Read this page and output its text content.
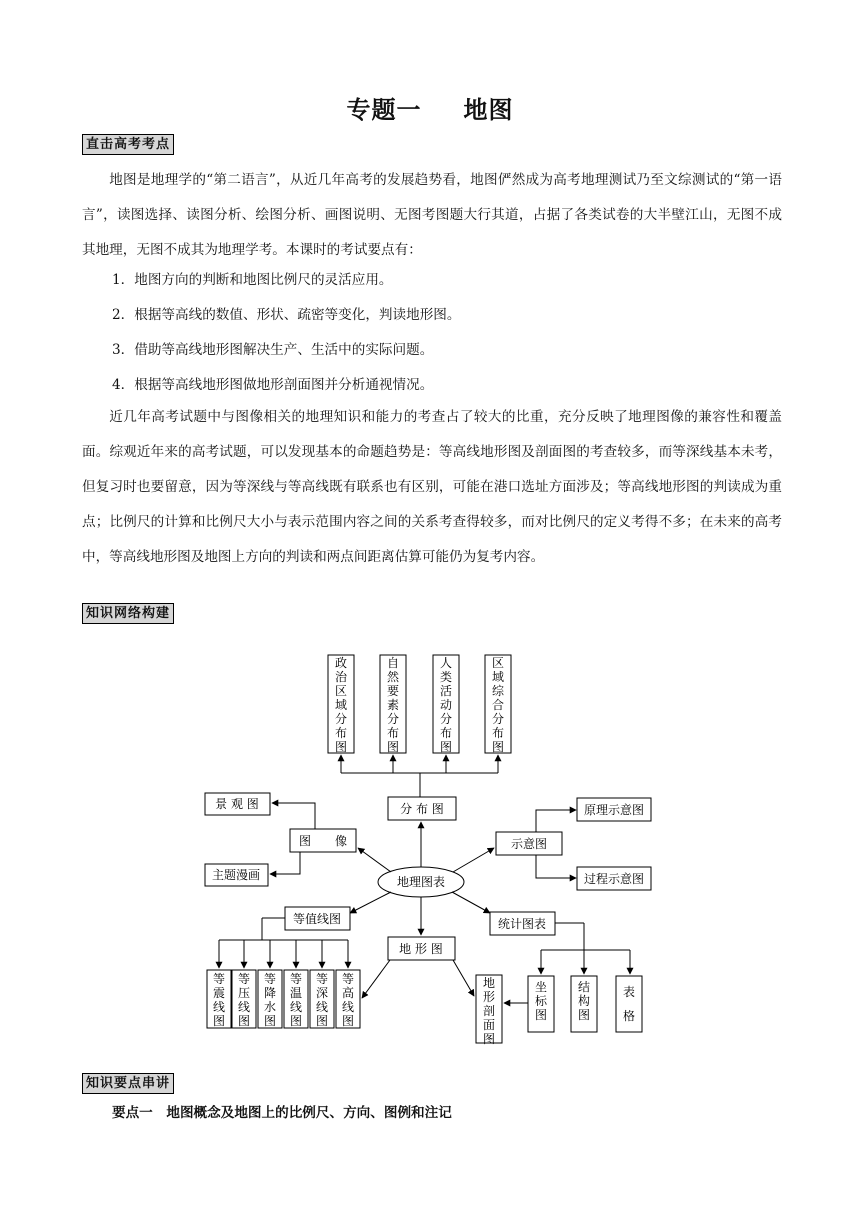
专题一 地图
直击高考考点
地图是地理学的“第二语言”，从近几年高考的发展趋势看，地图俨然成为高考地理测试乃至文综测试的“第一语言”，读图选择、读图分析、绘图分析、画图说明、无图考图题大行其道，占据了各类试卷的大半壁江山，无图不成其地理，无图不成其为地理学考。本课时的考试要点有：
1．地图方向的判断和地图比例尺的灵活应用。
2．根据等高线的数值、形状、疏密等变化，判读地形图。
3．借助等高线地形图解决生产、生活中的实际问题。
4．根据等高线地形图做地形剖面图并分析通视情况。
近几年高考试题中与图像相关的地理知识和能力的考查占了较大的比重，充分反映了地理图像的兼容性和覆盖面。综观近年来的高考试题，可以发现基本的命题趋势是：等高线地形图及剖面图的考查较多，而等深线基本未考，但复习时也要留意，因为等深线与等高线既有联系也有区别，可能在港口选址方面涉及；等高线地形图的判读成为重点；比例尺的计算和比例尺大小与表示范围内容之间的关系考查得较多，而对比例尺的定义考得不多；在未来的高考中，等高线地形图及地图上方向的判读和两点间距离估算可能仍为复考内容。
知识网络构建
政治区域分布图
自然要素分布图
人类活动分布图
区域综合分布图
分 布 图
地理图表
图　　像
景 观 图
主题漫画
示意图
原理示意图
过程示意图
等值线图
等震线图
等压线图
等降水图
等温线图
等深线图
等高线图
地 形 图
地形剖面图
统计图表
坐标图
结构图
表格
知识要点串讲
要点一　地图概念及地图上的比例尺、方向、图例和注记
